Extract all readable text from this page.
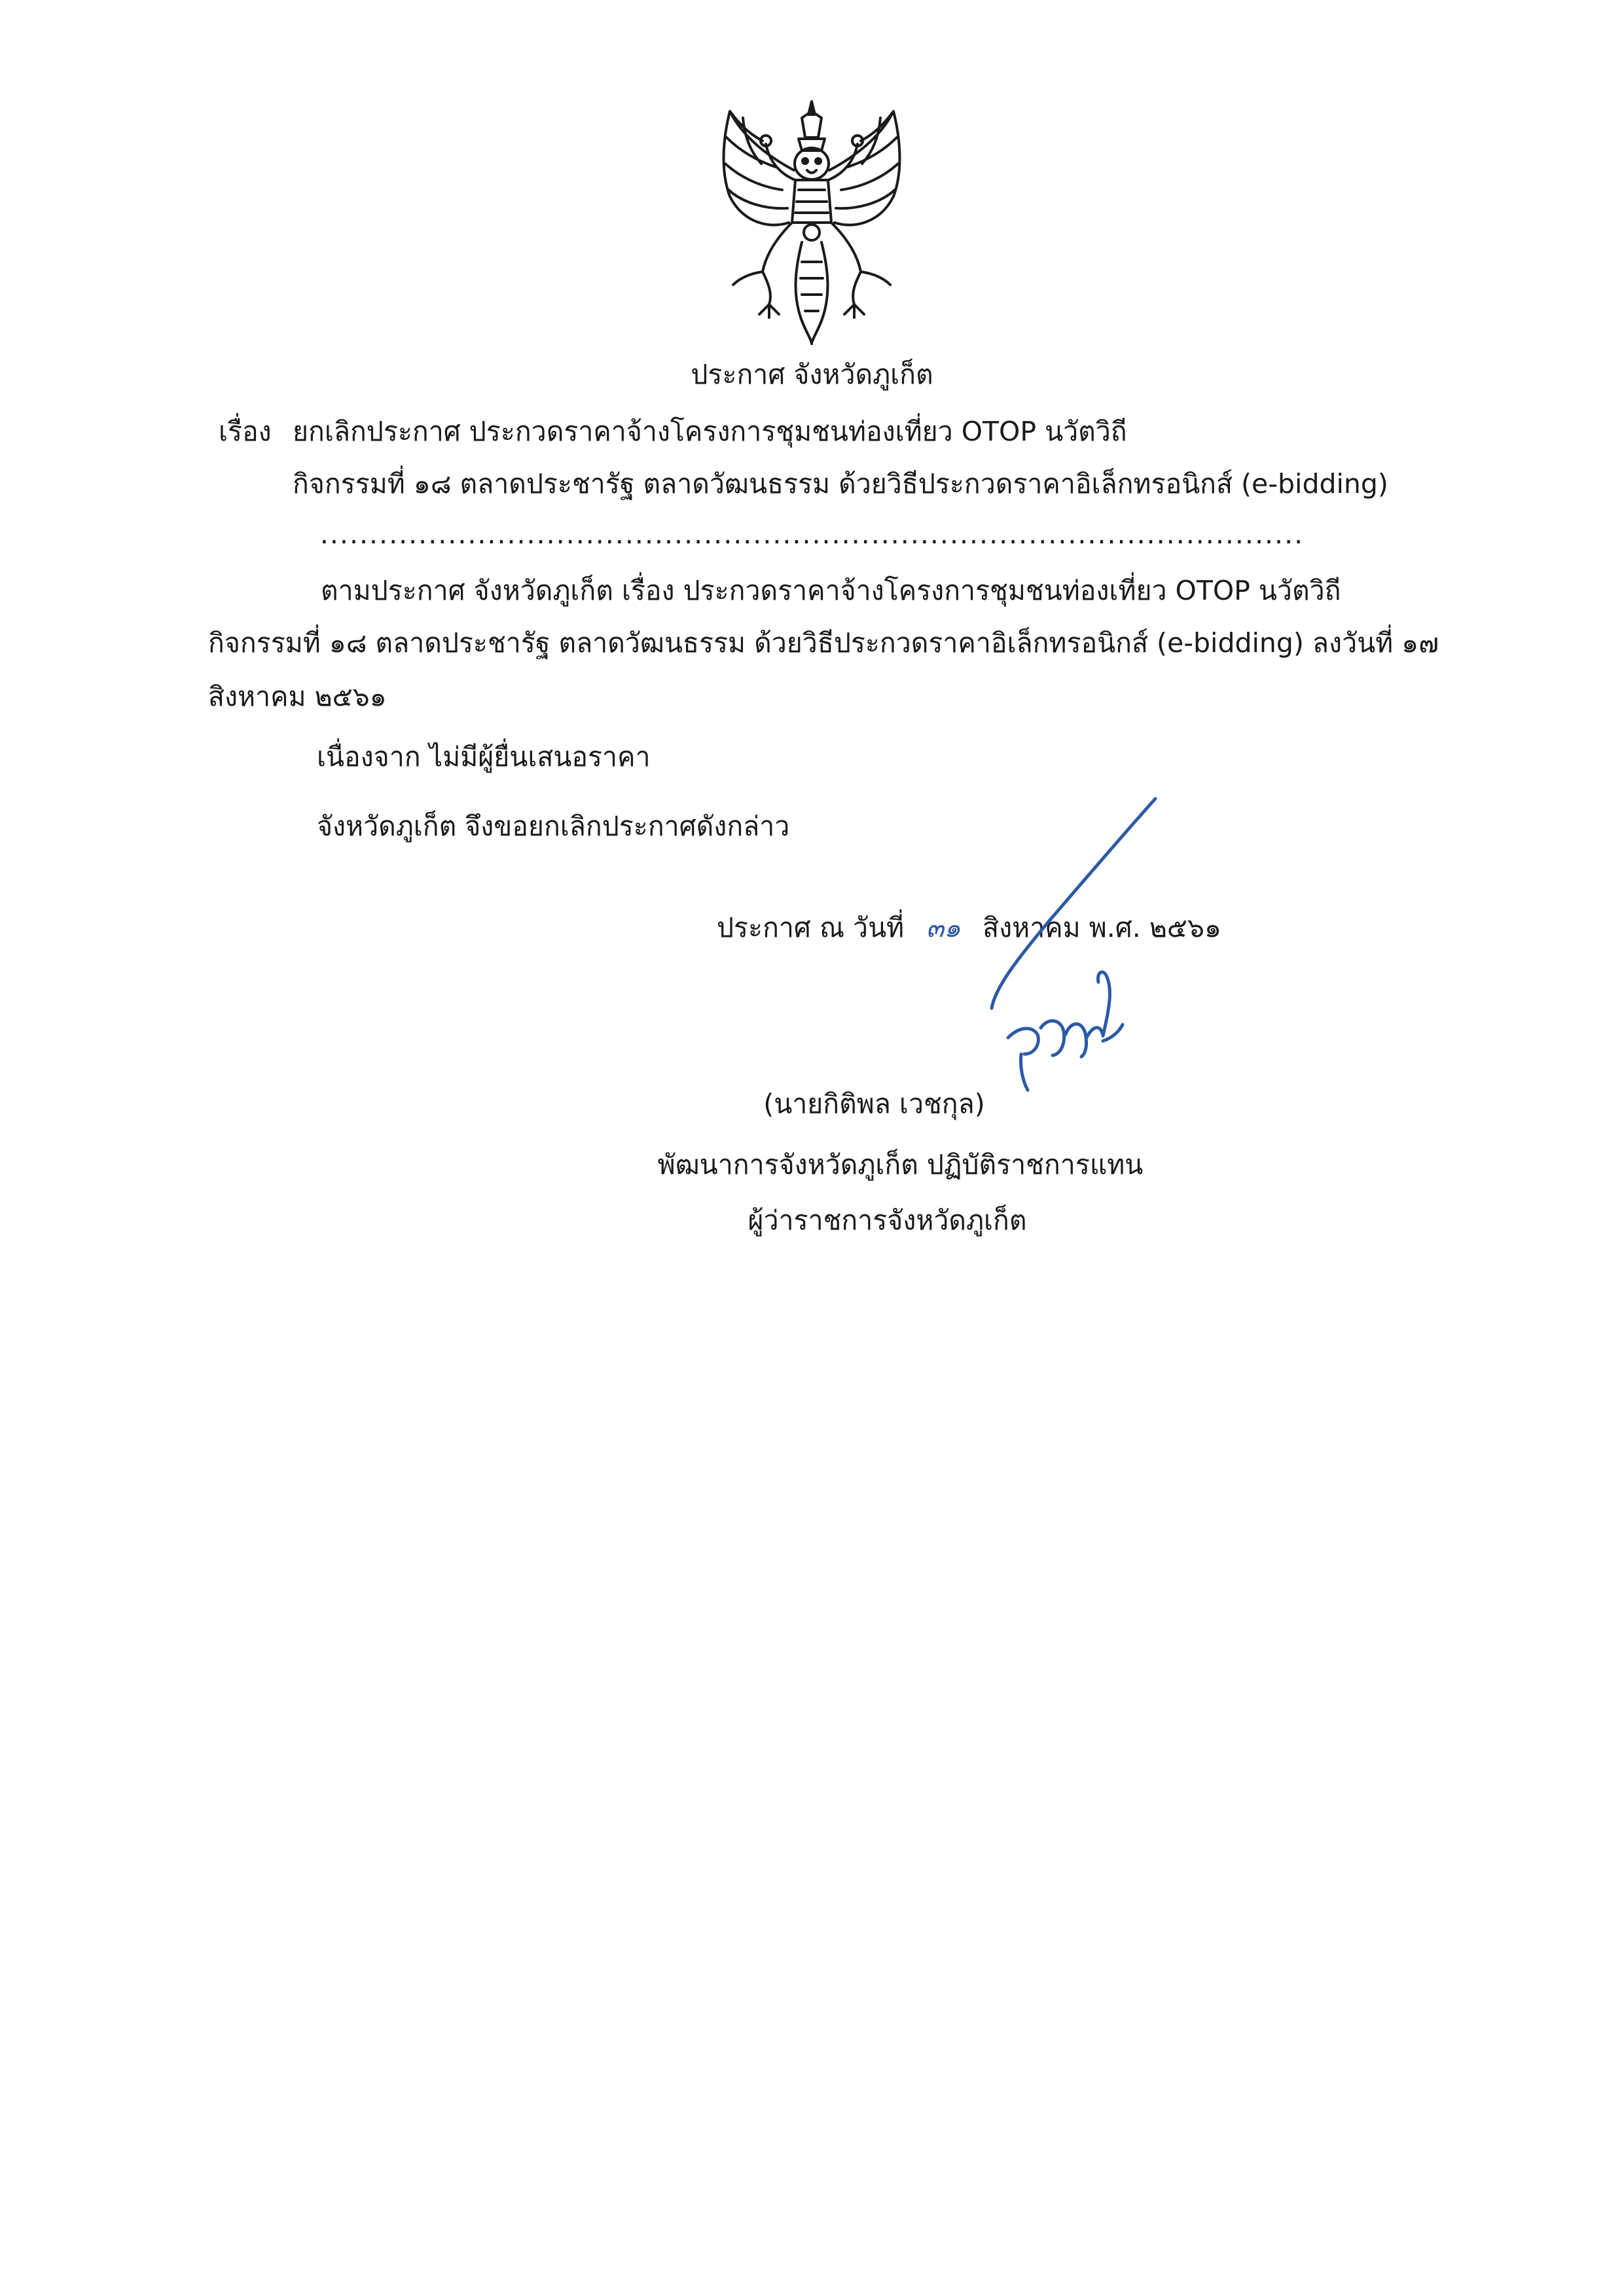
ประกาศ จังหวัดภูเก็ต
เรื่อง ยกเลิกประกาศ ประกวดราคาจ้างโครงการชุมชนท่องเที่ยว OTOP นวัตวิถี
กิจกรรมที่ ๑๘ ตลาดประชารัฐ ตลาดวัฒนธรรม ด้วยวิธีประกวดราคาอิเล็กทรอนิกส์ (e-bidding)
....................................................................................................
ตามประกาศ จังหวัดภูเก็ต เรื่อง ประกวดราคาจ้างโครงการชุมชนท่องเที่ยว OTOP นวัตวิถี
กิจกรรมที่ ๑๘ ตลาดประชารัฐ ตลาดวัฒนธรรม ด้วยวิธีประกวดราคาอิเล็กทรอนิกส์ (e-bidding) ลงวันที่ ๑๗
สิงหาคม ๒๕๖๑
เนื่องจาก ไม่มีผู้ยื่นเสนอราคา
จังหวัดภูเก็ต จึงขอยกเลิกประกาศดังกล่าว
ประกาศ ณ วันที่ ๓๑ สิงหาคม พ.ศ. ๒๕๖๑
(นายกิติพล เวชกุล)
พัฒนาการจังหวัดภูเก็ต ปฏิบัติราชการแทน
ผู้ว่าราชการจังหวัดภูเก็ต
